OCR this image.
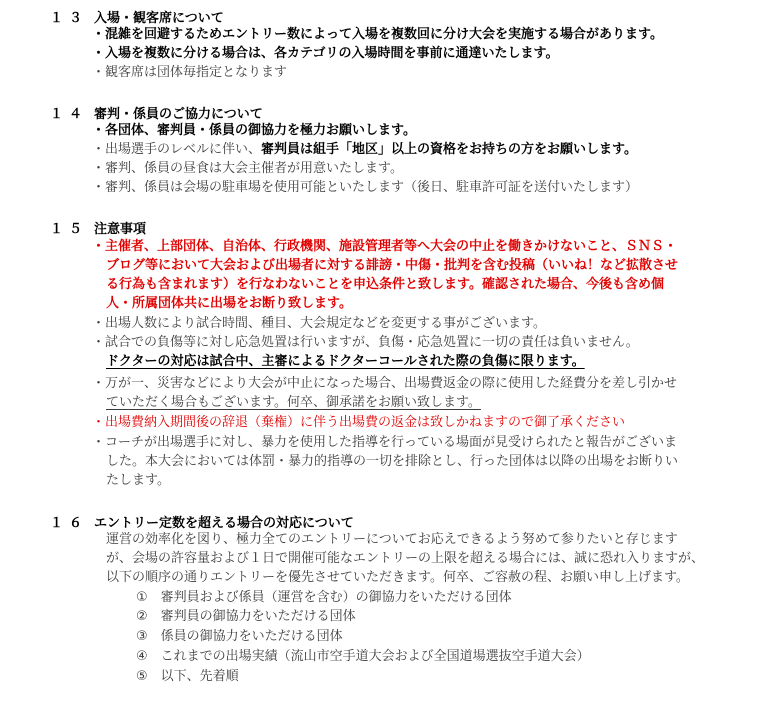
１３ 入場・観客席について
・混雑を回避するためエントリー数によって入場を複数回に分け大会を実施する場合があります。
・入場を複数に分ける場合は、各カテゴリの入場時間を事前に通達いたします。
・観客席は団体毎指定となります
１４ 審判・係員のご協力について
・各団体、審判員・係員の御協力を極力お願いします。
・出場選手のレベルに伴い、審判員は組手「地区」以上の資格をお持ちの方をお願いします。
・審判、係員の昼食は大会主催者が用意いたします。
・審判、係員は会場の駐車場を使用可能といたします（後日、駐車許可証を送付いたします）
１５ 注意事項
・主催者、上部団体、自治体、行政機関、施設管理者等へ大会の中止を働きかけないこと、ＳＮＳ・
ブログ等において大会および出場者に対する誹謗・中傷・批判を含む投稿（いいね！など拡散させ
る行為も含まれます）を行なわないことを申込条件と致します。確認された場合、今後も含め個
人・所属団体共に出場をお断り致します。
・出場人数により試合時間、種目、大会規定などを変更する事がございます。
・試合での負傷等に対し応急処置は行いますが、負傷・応急処置に一切の責任は負いません。
ドクターの対応は試合中、主審によるドクターコールされた際の負傷に限ります。
・万が一、災害などにより大会が中止になった場合、出場費返金の際に使用した経費分を差し引かせ
ていただく場合もございます。何卒、御承諾をお願い致します。
・出場費納入期間後の辞退（棄権）に伴う出場費の返金は致しかねますので御了承ください
・コーチが出場選手に対し、暴力を使用した指導を行っている場面が見受けられたと報告がございま
した。本大会においては体罰・暴力的指導の一切を排除とし、行った団体は以降の出場をお断りい
たします。
１６ エントリー定数を超える場合の対応について
運営の効率化を図り、極力全てのエントリーについてお応えできるよう努めて参りたいと存じます
が、会場の許容量および１日で開催可能なエントリーの上限を超える場合には、誠に恐れ入りますが、
以下の順序の通りエントリーを優先させていただきます。何卒、ご容赦の程、お願い申し上げます。
①　審判員および係員（運営を含む）の御協力をいただける団体
②　審判員の御協力をいただける団体
③　係員の御協力をいただける団体
④　これまでの出場実績（流山市空手道大会および全国道場選抜空手道大会）
⑤　以下、先着順
